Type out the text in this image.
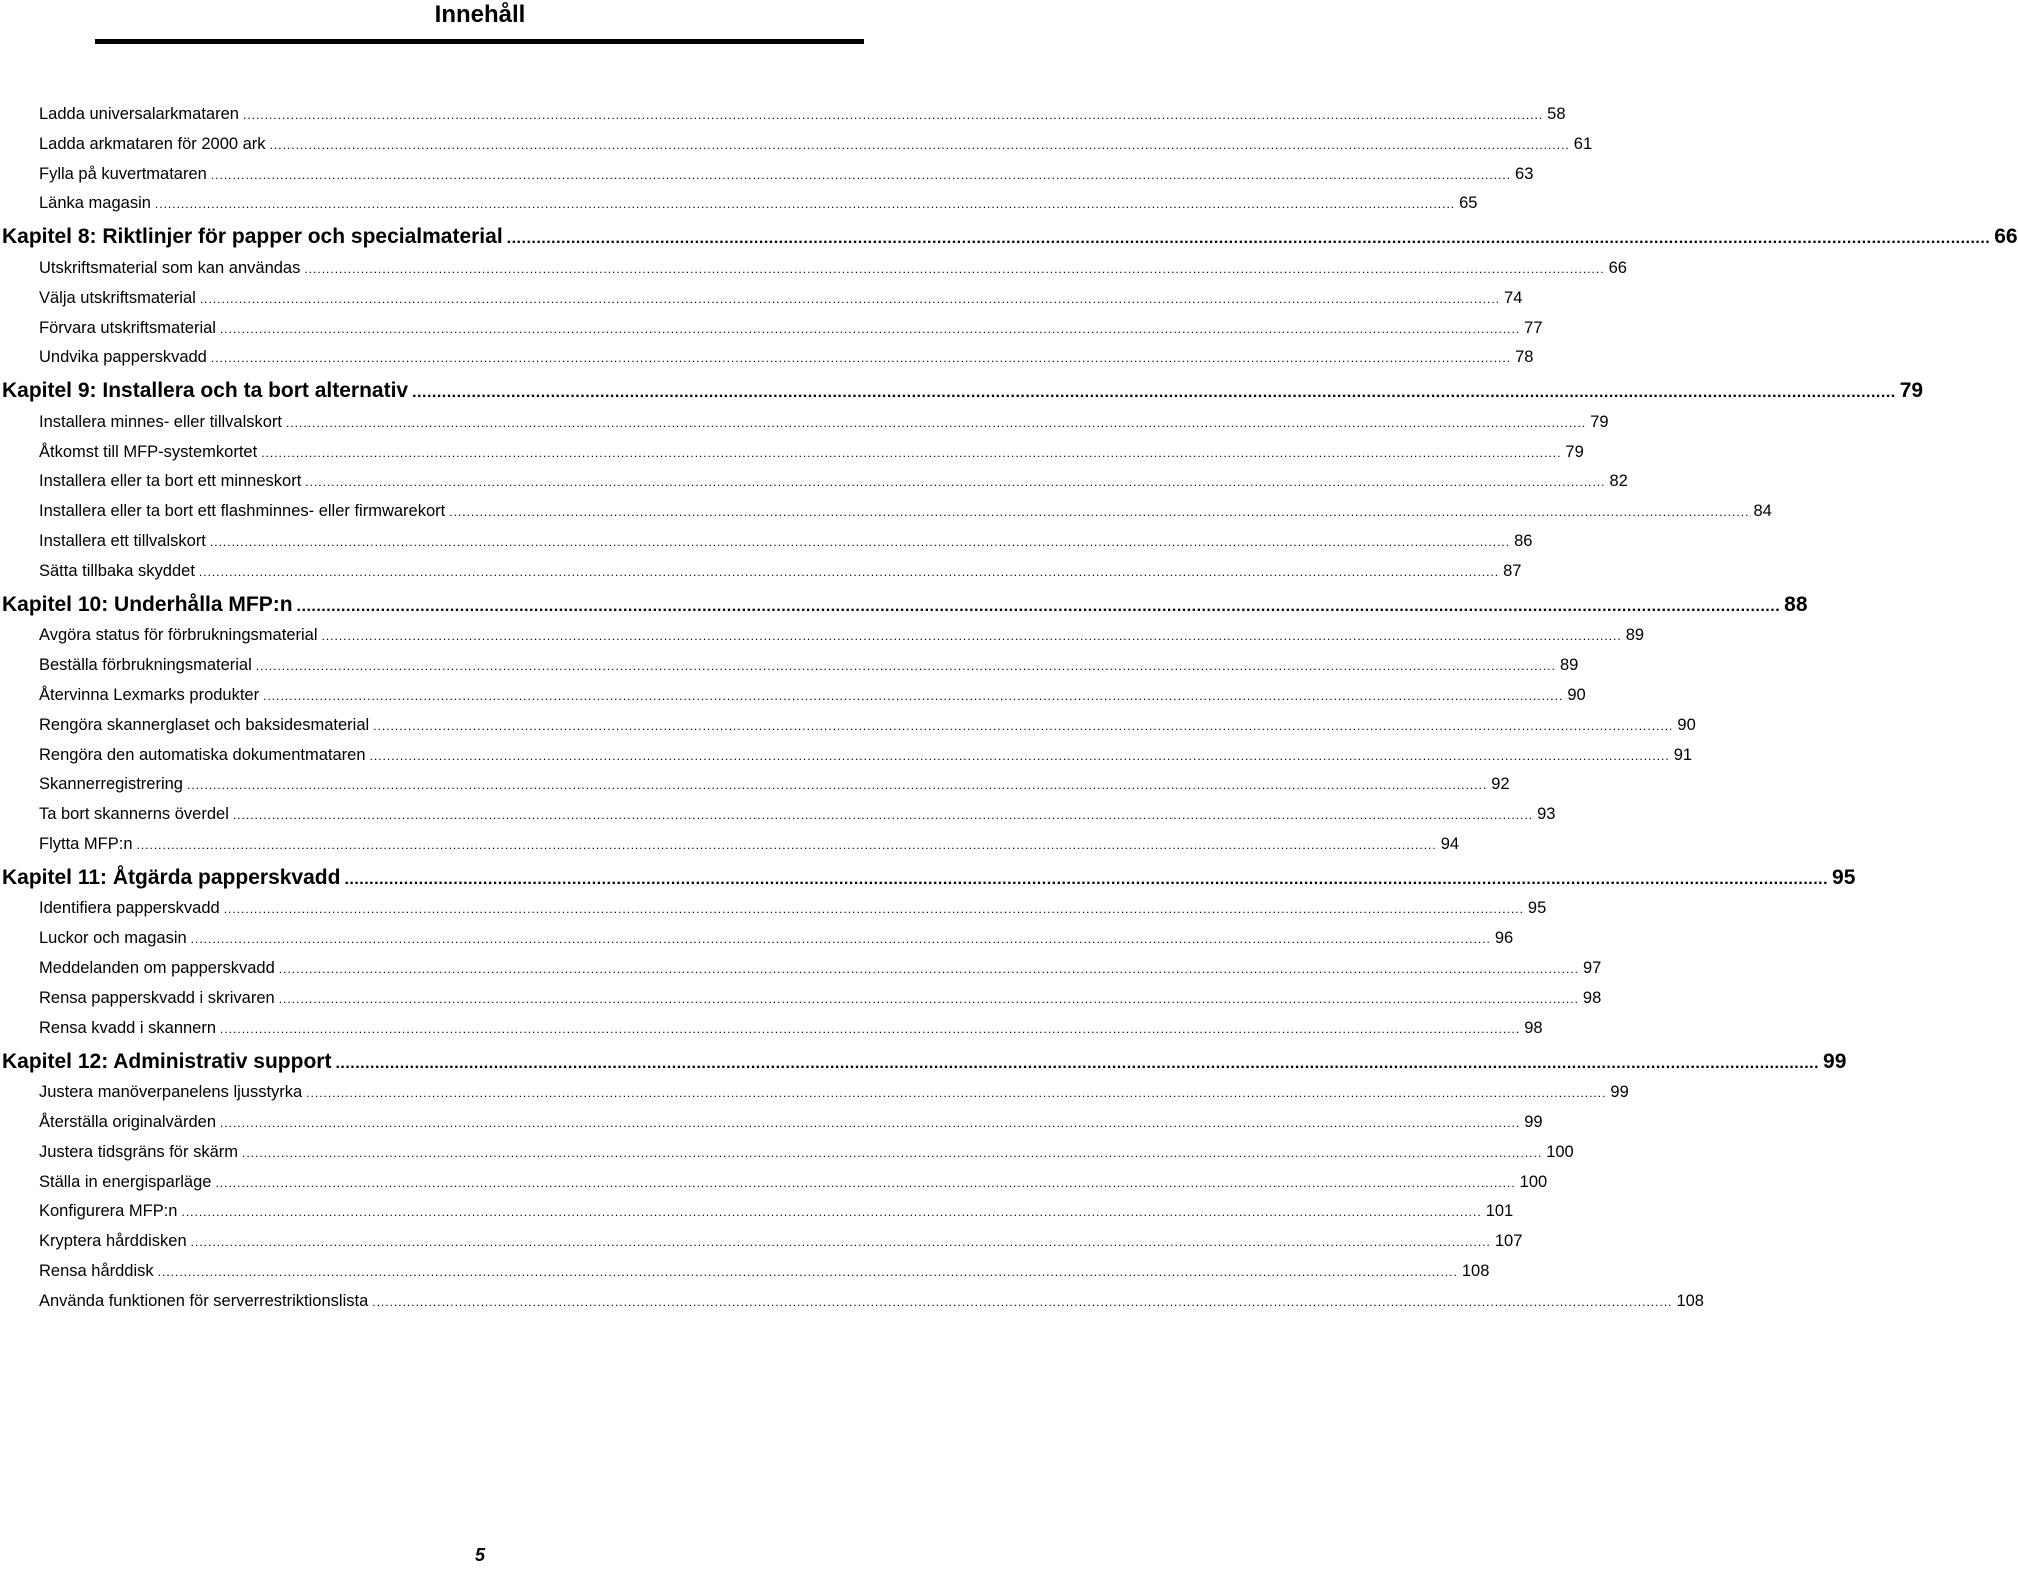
Innehåll
Ladda universalarkmataren ............................................................................................................................................................................................................................................................................................................ 58
Ladda arkmataren för 2000 ark ............................................................................................................................................................................................................................................................................................................ 61
Fylla på kuvertmataren ............................................................................................................................................................................................................................................................................................................ 63
Länka magasin ............................................................................................................................................................................................................................................................................................................ 65
Kapitel 8: Riktlinjer för papper och specialmaterial ............................................................................................................................................................................................................................................................................................................ 66
Utskriftsmaterial som kan användas ............................................................................................................................................................................................................................................................................................................ 66
Välja utskriftsmaterial ............................................................................................................................................................................................................................................................................................................ 74
Förvara utskriftsmaterial ............................................................................................................................................................................................................................................................................................................ 77
Undvika papperskvadd ............................................................................................................................................................................................................................................................................................................ 78
Kapitel 9: Installera och ta bort alternativ ............................................................................................................................................................................................................................................................................................................ 79
Installera minnes- eller tillvalskort ............................................................................................................................................................................................................................................................................................................ 79
Åtkomst till MFP-systemkortet ............................................................................................................................................................................................................................................................................................................ 79
Installera eller ta bort ett minneskort ............................................................................................................................................................................................................................................................................................................ 82
Installera eller ta bort ett flashminnes- eller firmwarekort ............................................................................................................................................................................................................................................................................................................ 84
Installera ett tillvalskort ............................................................................................................................................................................................................................................................................................................ 86
Sätta tillbaka skyddet ............................................................................................................................................................................................................................................................................................................ 87
Kapitel 10: Underhålla MFP:n ............................................................................................................................................................................................................................................................................................................ 88
Avgöra status för förbrukningsmaterial ............................................................................................................................................................................................................................................................................................................ 89
Beställa förbrukningsmaterial ............................................................................................................................................................................................................................................................................................................ 89
Återvinna Lexmarks produkter ............................................................................................................................................................................................................................................................................................................ 90
Rengöra skannerglaset och baksidesmaterial ............................................................................................................................................................................................................................................................................................................ 90
Rengöra den automatiska dokumentmataren ............................................................................................................................................................................................................................................................................................................ 91
Skannerregistrering ............................................................................................................................................................................................................................................................................................................ 92
Ta bort skannerns överdel ............................................................................................................................................................................................................................................................................................................ 93
Flytta MFP:n ............................................................................................................................................................................................................................................................................................................ 94
Kapitel 11: Åtgärda papperskvadd ............................................................................................................................................................................................................................................................................................................ 95
Identifiera papperskvadd ............................................................................................................................................................................................................................................................................................................ 95
Luckor och magasin ............................................................................................................................................................................................................................................................................................................ 96
Meddelanden om papperskvadd ............................................................................................................................................................................................................................................................................................................ 97
Rensa papperskvadd i skrivaren ............................................................................................................................................................................................................................................................................................................ 98
Rensa kvadd i skannern ............................................................................................................................................................................................................................................................................................................ 98
Kapitel 12: Administrativ support ............................................................................................................................................................................................................................................................................................................ 99
Justera manöverpanelens ljusstyrka ............................................................................................................................................................................................................................................................................................................ 99
Återställa originalvärden ............................................................................................................................................................................................................................................................................................................ 99
Justera tidsgräns för skärm ............................................................................................................................................................................................................................................................................................................ 100
Ställa in energisparläge ............................................................................................................................................................................................................................................................................................................ 100
Konfigurera MFP:n ............................................................................................................................................................................................................................................................................................................ 101
Kryptera hårddisken ............................................................................................................................................................................................................................................................................................................ 107
Rensa hårddisk ............................................................................................................................................................................................................................................................................................................ 108
Använda funktionen för serverrestriktionslista ............................................................................................................................................................................................................................................................................................................ 108
5
